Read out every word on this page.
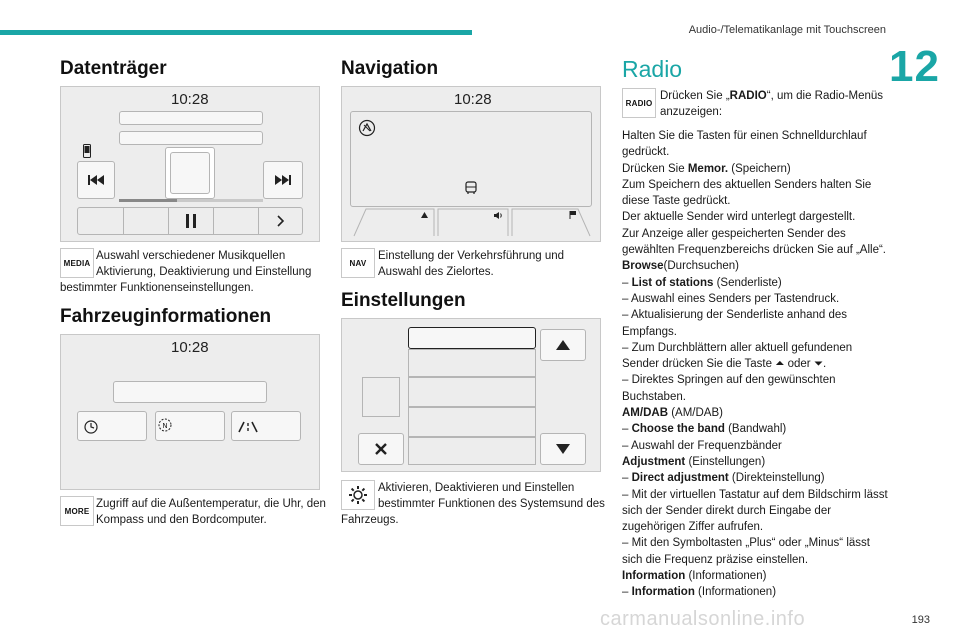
Audio-/Telematikanlage mit Touchscreen
12
Datenträger
10:28
MEDIA
Auswahl verschiedener Musikquellen
Aktivierung, Deaktivierung und Einstellung
bestimmter Funktionenseinstellungen.
Fahrzeuginformationen
10:28
N
MORE
Zugriff auf die Außentemperatur, die Uhr, den
Kompass und den Bordcomputer.
Navigation
10:28
NAV
Einstellung der Verkehrsführung und
Auswahl des Zielortes.
Einstellungen
Aktivieren, Deaktivieren und Einstellen
bestimmter Funktionen des Systemsund des
Fahrzeugs.
Radio
RADIO
Drücken Sie „RADIO“, um die Radio-Menüs
anzuzeigen:

Halten Sie die Tasten für einen Schnelldurchlauf gedrückt.

Drücken Sie Memor. (Speichern)

Zum Speichern des aktuellen Senders halten Sie diese Taste gedrückt.

Der aktuelle Sender wird unterlegt dargestellt.

Zur Anzeige aller gespeicherten Sender des gewählten Frequenzbereichs drücken Sie auf „Alle“.

Browse(Durchsuchen)

– List of stations (Senderliste)

– Auswahl eines Senders per Tastendruck.

– Aktualisierung der Senderliste anhand des Empfangs.

– Zum Durchblättern aller aktuell gefundenen Sender drücken Sie die Taste ⏶ oder ⏷.

– Direktes Springen auf den gewünschten Buchstaben.

AM/DAB (AM/DAB)

– Choose the band (Bandwahl)

– Auswahl der Frequenzbänder

Adjustment (Einstellungen)

– Direct adjustment (Direkteinstellung)

– Mit der virtuellen Tastatur auf dem Bildschirm lässt sich der Sender direkt durch Eingabe der zugehörigen Ziffer aufrufen.

– Mit den Symboltasten „Plus“ oder „Minus“ lässt sich die Frequenz präzise einstellen.

Information (Informationen)

– Information (Informationen)

carmanualsonline.info	193
